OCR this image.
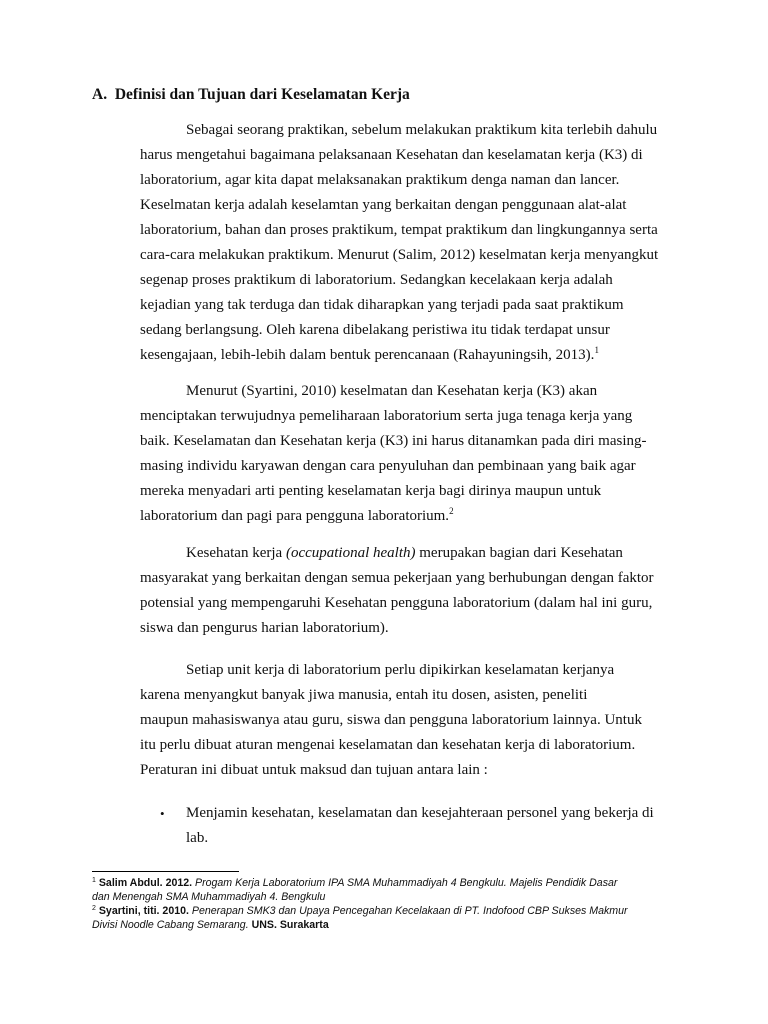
A. Definisi dan Tujuan dari Keselamatan Kerja
Sebagai seorang praktikan, sebelum melakukan praktikum kita terlebih dahulu
harus mengetahui bagaimana pelaksanaan Kesehatan dan keselamatan kerja (K3) di
laboratorium, agar kita dapat melaksanakan praktikum denga naman dan lancer.
Keselmatan kerja adalah keselamtan yang berkaitan dengan penggunaan alat-alat
laboratorium, bahan dan proses praktikum, tempat praktikum dan lingkungannya serta
cara-cara melakukan praktikum. Menurut (Salim, 2012) keselmatan kerja menyangkut
segenap proses praktikum di laboratorium. Sedangkan kecelakaan kerja adalah
kejadian yang tak terduga dan tidak diharapkan yang terjadi pada saat praktikum
sedang berlangsung. Oleh karena dibelakang peristiwa itu tidak terdapat unsur
kesengajaan, lebih-lebih dalam bentuk perencanaan (Rahayuningsih, 2013).$^1$
Menurut (Syartini, 2010) keselmatan dan Kesehatan kerja (K3) akan
menciptakan terwujudnya pemeliharaan laboratorium serta juga tenaga kerja yang
baik. Keselamatan dan Kesehatan kerja (K3) ini harus ditanamkan pada diri masing-
masing individu karyawan dengan cara penyuluhan dan pembinaan yang baik agar
mereka menyadari arti penting keselamatan kerja bagi dirinya maupun untuk
laboratorium dan pagi para pengguna laboratorium.$^2$
Kesehatan kerja (occupational health) merupakan bagian dari Kesehatan
masyarakat yang berkaitan dengan semua pekerjaan yang berhubungan dengan faktor
potensial yang mempengaruhi Kesehatan pengguna laboratorium (dalam hal ini guru,
siswa dan pengurus harian laboratorium).
Setiap unit kerja di laboratorium perlu dipikirkan keselamatan kerjanya
karena menyangkut banyak jiwa manusia, entah itu dosen, asisten, peneliti
maupun mahasiswanya atau guru, siswa dan pengguna laboratorium lainnya. Untuk
itu perlu dibuat aturan mengenai keselamatan dan kesehatan kerja di laboratorium.
Peraturan ini dibuat untuk maksud dan tujuan antara lain :
• Menjamin kesehatan, keselamatan dan kesejahteraan personel yang bekerja di
lab.
$^1$ Salim Abdul. 2012. Progam Kerja Laboratorium IPA SMA Muhammadiyah 4 Bengkulu. Majelis Pendidik Dasar
dan Menengah SMA Muhammadiyah 4. Bengkulu
$^2$ Syartini, titi. 2010. Penerapan SMK3 dan Upaya Pencegahan Kecelakaan di PT. Indofood CBP Sukses Makmur
Divisi Noodle Cabang Semarang. UNS. Surakarta
